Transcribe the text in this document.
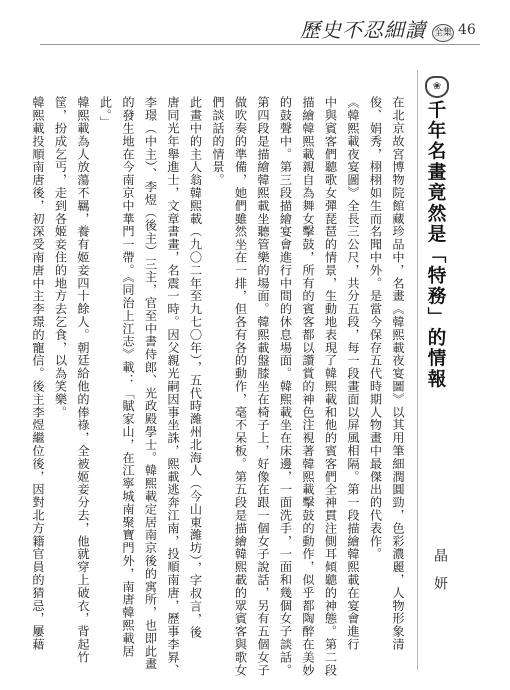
歷史不忍細讀 全集 46
❀
千年名畫竟然是「特務」的情報
晶妍
在北京故宮博物院館藏珍品中，名畫《韓熙載夜宴圖》以其用筆細潤圓勁，色彩濃麗，人物形象清
俊、娟秀，栩栩如生而名聞中外。是當今保存五代時期人物畫中最傑出的代表作。
《韓熙載夜宴圖》全長三公尺，共分五段，每一段畫面以屏風相隔。第一段描繪韓熙載在宴會進行
中與賓客們聽歌女彈琵琶的情景，生動地表現了韓熙載和他的賓客們全神貫注側耳傾聽的神態。第二段
描繪韓熙載親自為舞女擊鼓，所有的賓客都以讚賞的神色注視著韓熙載擊鼓的動作，似乎都陶醉在美妙
的鼓聲中。第三段描繪宴會進行中間的休息場面。韓熙載坐在床邊，一面洗手，一面和幾個女子談話。
第四段是描繪韓熙載坐聽管樂的場面。韓熙載盤膝坐在椅子上，好像在跟一個女子說話，另有五個女子
做吹奏的準備，她們雖然坐在一排，但各有各的動作，毫不呆板。第五段是描繪韓熙載的眾賓客與歌女
們談話的情景。
此畫中的主人翁韓熙載（九〇二年至九七〇年），五代時濰州北海人（今山東濰坊），字叔言，後
唐同光年舉進士，文章書畫，名震一時。因父親光嗣因事坐誅，熙載逃奔江南，投順南唐，歷事李昪、
李璟（中主）、李煜（後主）三主，官至中書侍郎、光政殿學士。韓熙載定居南京後的寓所，也即此畫
的發生地在今南京中華門一帶。《同治上江志》載：「賦家山，在江寧城南聚寶門外，南唐韓熙載居
此。」
韓熙載為人放蕩不羈，養有姬妾四十餘人。朝廷給他的俸祿，全被姬妾分去，他就穿上破衣，背起竹
筐，扮成乞丐，走到各姬妾住的地方去乞食，以為笑樂。
韓熙載投順南唐後，初深受南唐中主李璟的寵信。後主李煜繼位後，因對北方籍官員的猜忌，屢藉
